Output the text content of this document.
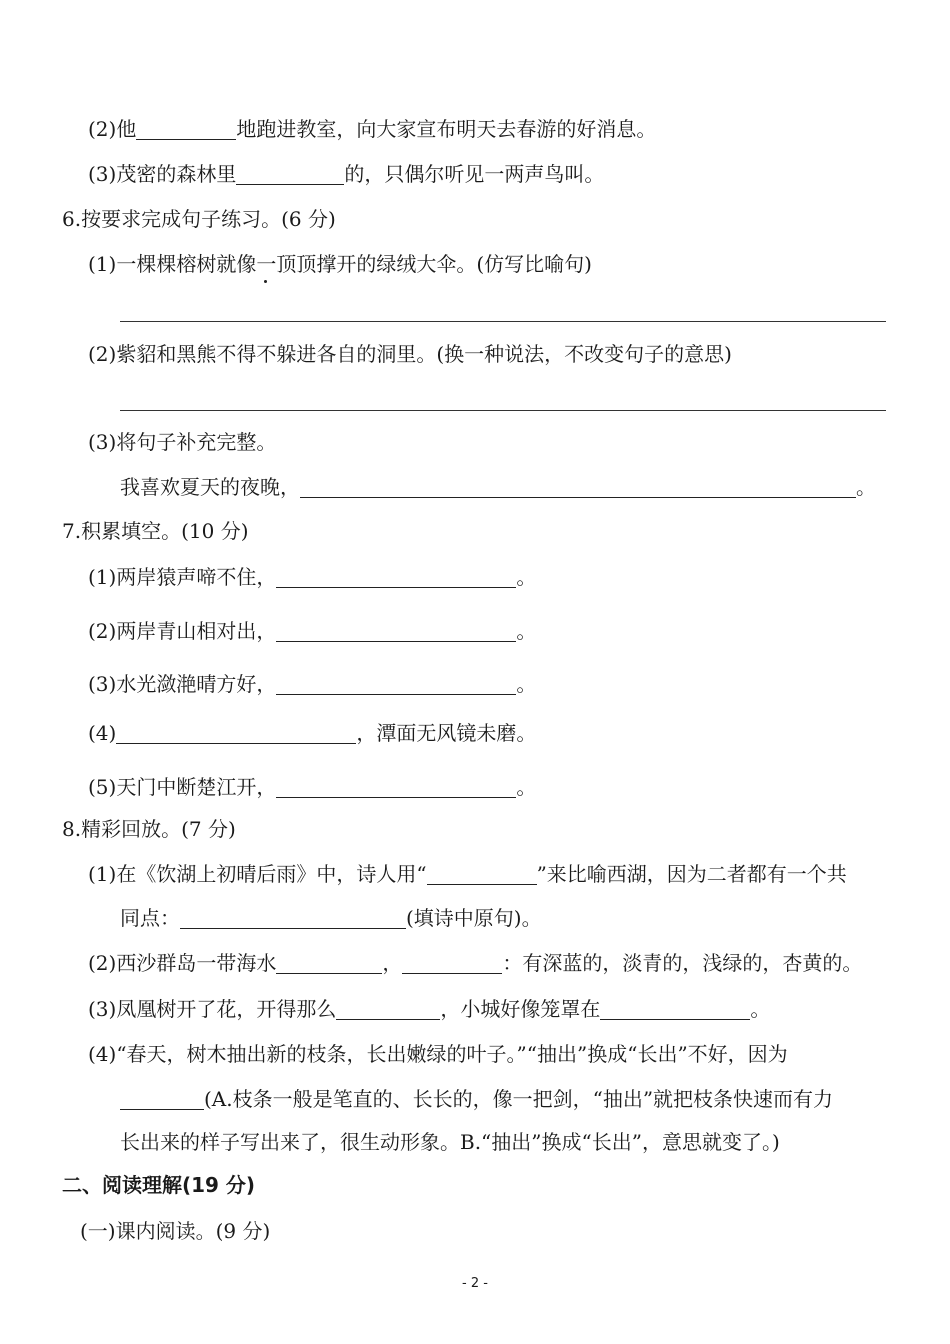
(2)他	地跑进教室，向大家宣布明天去春游的好消息。
(3)茂密的森林里	的，只偶尔听见一两声鸟叫。
6.按要求完成句子练习。(6 分)
(1)一棵棵榕树就像一顶顶撑开的绿绒大伞。(仿写比喻句)
(2)紫貂和黑熊不得不躲进各自的洞里。(换一种说法，不改变句子的意思)
(3)将句子补充完整。
我喜欢夏天的夜晚，	。
7.积累填空。(10 分)
(1)两岸猿声啼不住，	。
(2)两岸青山相对出，	。
(3)水光潋滟晴方好，	。
(4)	，潭面无风镜未磨。
(5)天门中断楚江开，	。
8.精彩回放。(7 分)
(1)在《饮湖上初晴后雨》中，诗人用“	”来比喻西湖，因为二者都有一个共
同点：	(填诗中原句)。
(2)西沙群岛一带海水	，	：有深蓝的，淡青的，浅绿的，杏黄的。
(3)凤凰树开了花，开得那么	，小城好像笼罩在	。
(4)“春天，树木抽出新的枝条，长出嫩绿的叶子。”“抽出”换成“长出”不好，因为
(A.枝条一般是笔直的、长长的，像一把剑，“抽出”就把枝条快速而有力
长出来的样子写出来了，很生动形象。B.“抽出”换成“长出”，意思就变了。)
二、阅读理解(19 分)
(一)课内阅读。(9 分)
- 2 -
